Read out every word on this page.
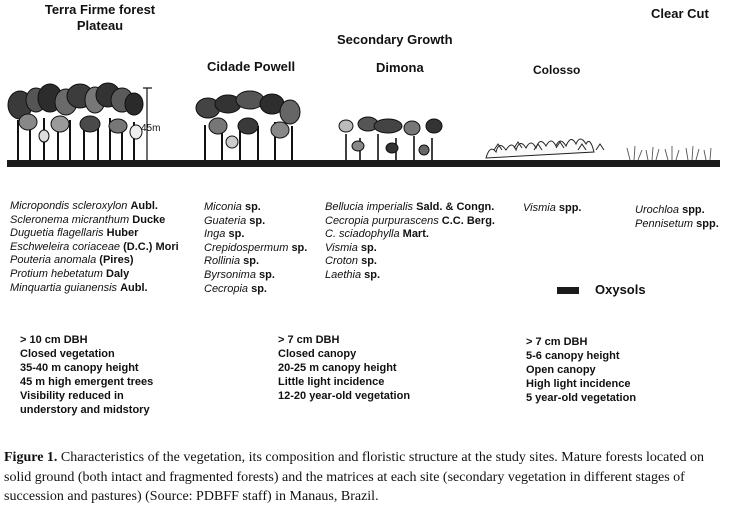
Terra Firme forest
Plateau
Secondary Growth
Clear Cut
Cidade Powell	Dimona	Colosso
45m
Micropondis scleroxylon Aubl.
Scleronema micranthum Ducke
Duguetia flagellaris Huber
Eschweleira coriaceae (D.C.) Mori
Pouteria anomala (Pires)
Protium hebetatum Daly
Minquartia guianensis Aubl.
Miconia sp.
Guateria sp.
Inga sp.
Crepidospermum sp.
Rollinia sp.
Byrsonima sp.
Cecropia sp.
Bellucia imperialis Sald. & Congn.
Cecropia purpurascens C.C. Berg.
C. sciadophylla Mart.
Vismia sp.
Croton sp.
Laethia sp.
Vismia spp.	Urochloa spp.
Pennisetum spp.
Oxysols
> 10 cm DBH
Closed vegetation
35-40 m canopy height
45 m high emergent trees
Visibility reduced in
understory and midstory
> 7 cm DBH
Closed canopy
20-25 m canopy height
Little light incidence
12-20 year-old vegetation
> 7 cm DBH
5-6 canopy height
Open canopy
High light incidence
5 year-old vegetation
Figure 1. Characteristics of the vegetation, its composition and floristic structure at the study sites. Mature forests located on solid ground (both intact and fragmented forests) and the matrices at each site (secondary vegetation in different stages of succession and pastures) (Source: PDBFF staff) in Manaus, Brazil.
